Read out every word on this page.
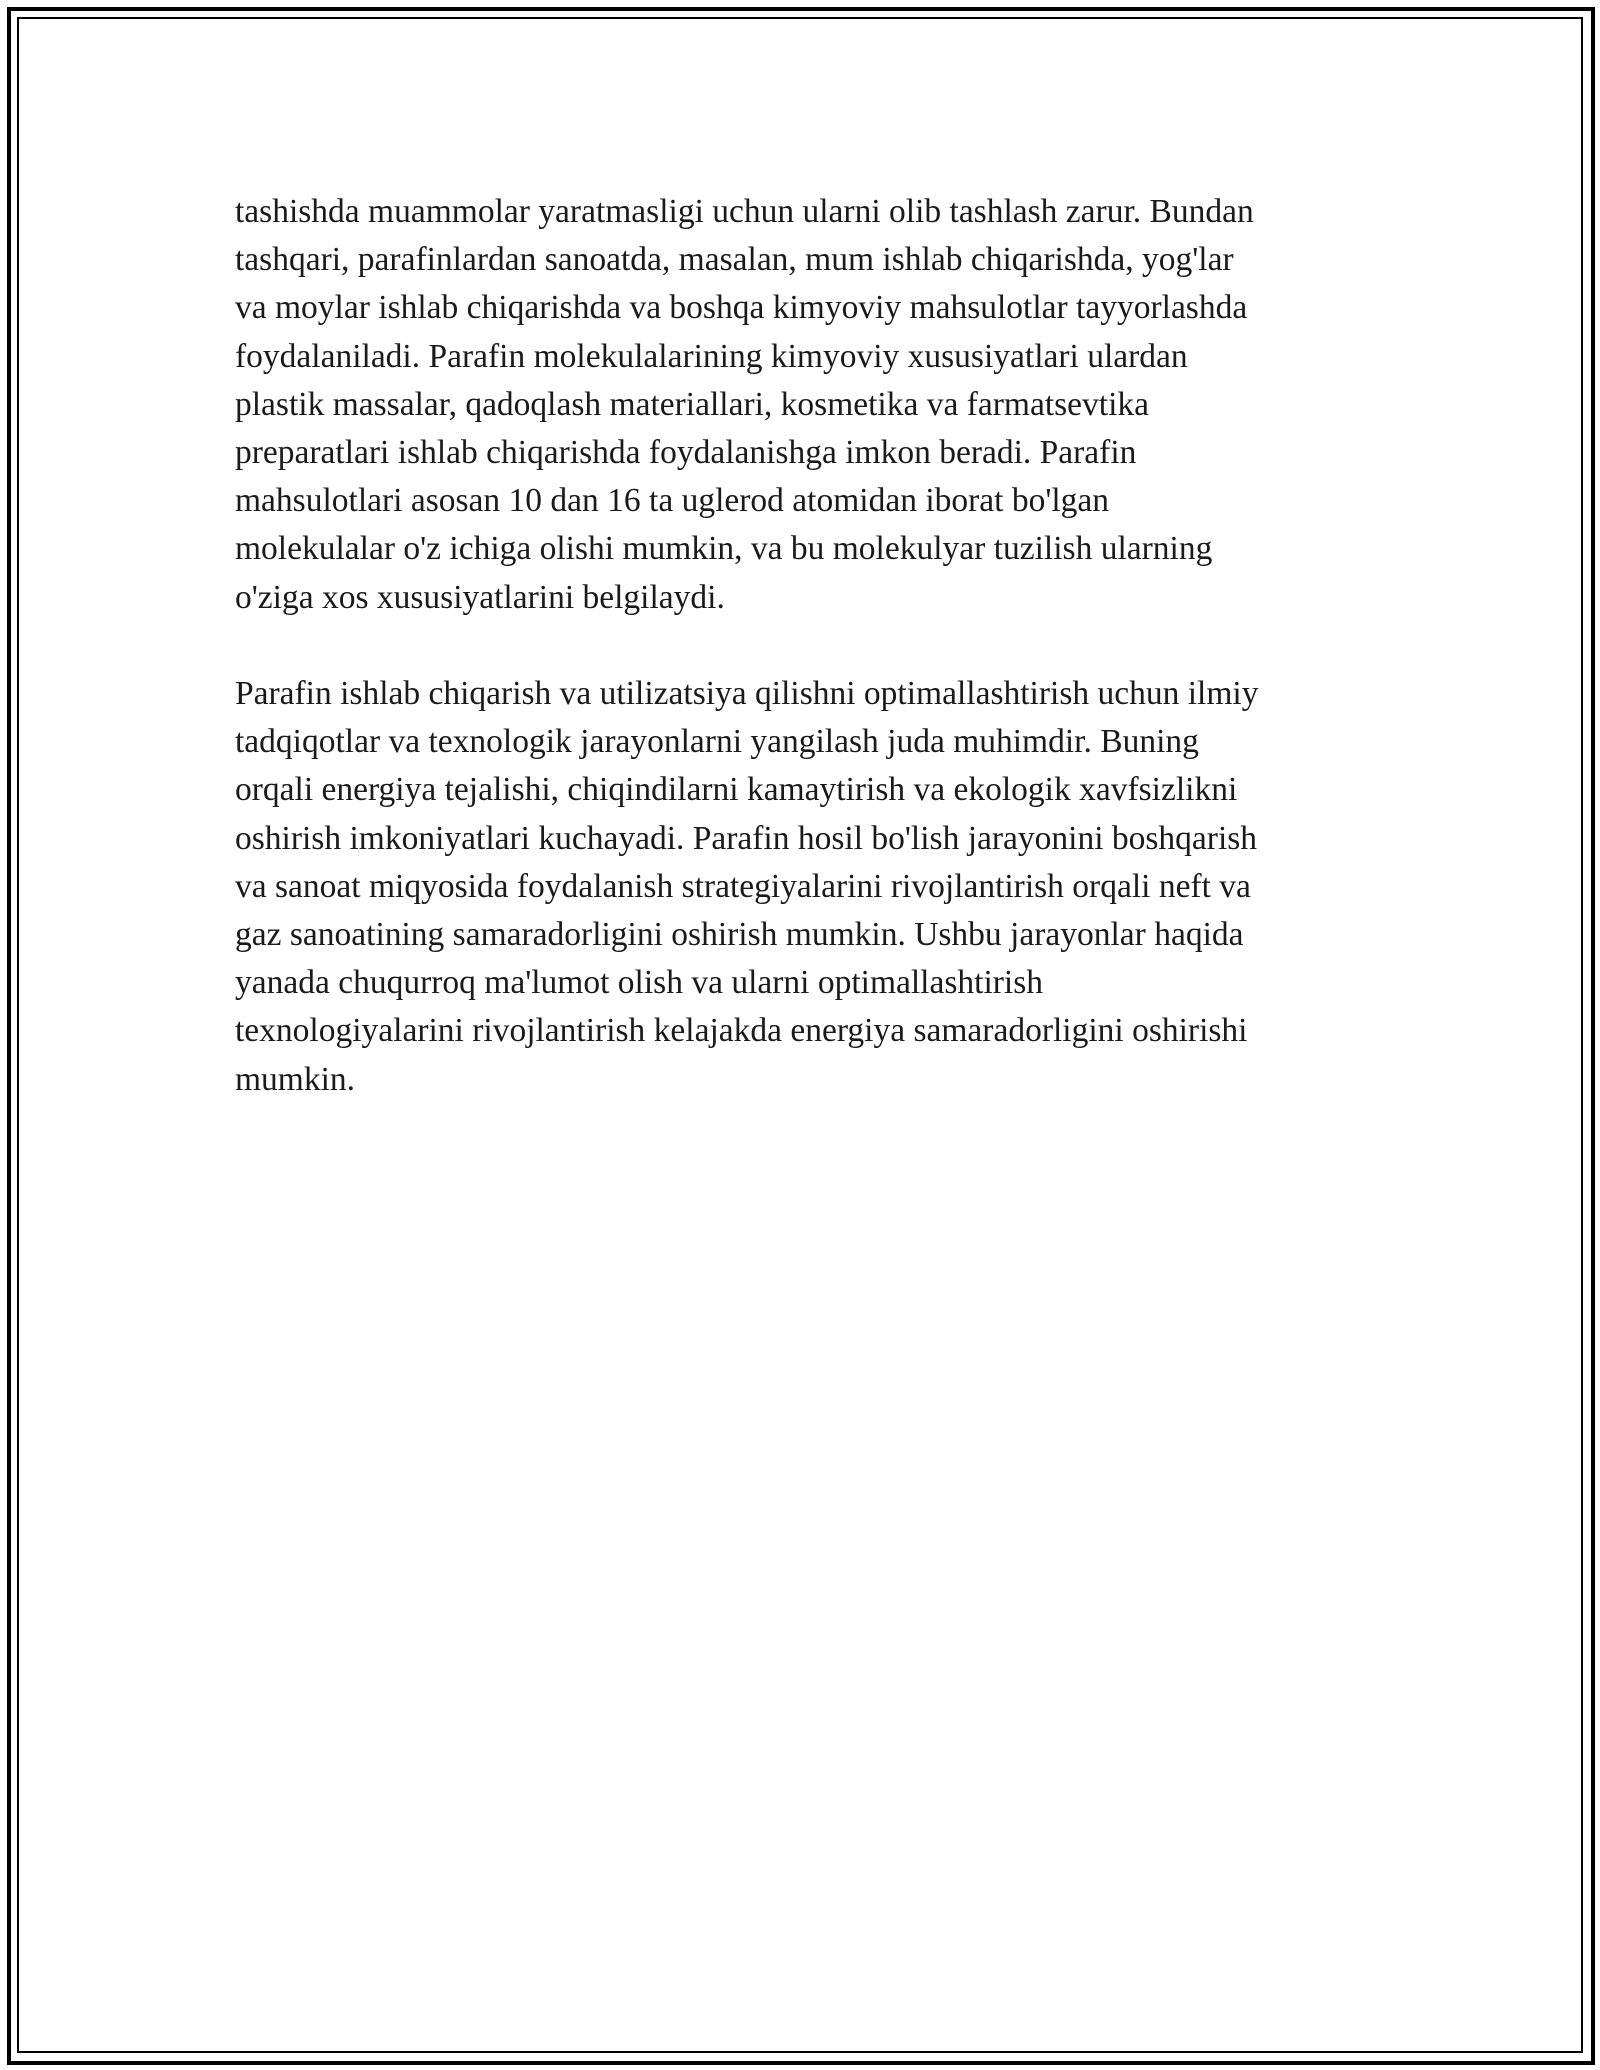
tashishda muammolar yaratmasligi uchun ularni olib tashlash zarur. Bundan
tashqari, parafinlardan sanoatda, masalan, mum ishlab chiqarishda, yog'lar
va moylar ishlab chiqarishda va boshqa kimyoviy mahsulotlar tayyorlashda
foydalaniladi. Parafin molekulalarining kimyoviy xususiyatlari ulardan
plastik massalar, qadoqlash materiallari, kosmetika va farmatsevtika
preparatlari ishlab chiqarishda foydalanishga imkon beradi. Parafin
mahsulotlari asosan 10 dan 16 ta uglerod atomidan iborat bo'lgan
molekulalar o'z ichiga olishi mumkin, va bu molekulyar tuzilish ularning
o'ziga xos xususiyatlarini belgilaydi.

Parafin ishlab chiqarish va utilizatsiya qilishni optimallashtirish uchun ilmiy
tadqiqotlar va texnologik jarayonlarni yangilash juda muhimdir. Buning
orqali energiya tejalishi, chiqindilarni kamaytirish va ekologik xavfsizlikni
oshirish imkoniyatlari kuchayadi. Parafin hosil bo'lish jarayonini boshqarish
va sanoat miqyosida foydalanish strategiyalarini rivojlantirish orqali neft va
gaz sanoatining samaradorligini oshirish mumkin. Ushbu jarayonlar haqida
yanada chuqurroq ma'lumot olish va ularni optimallashtirish
texnologiyalarini rivojlantirish kelajakda energiya samaradorligini oshirishi
mumkin.
